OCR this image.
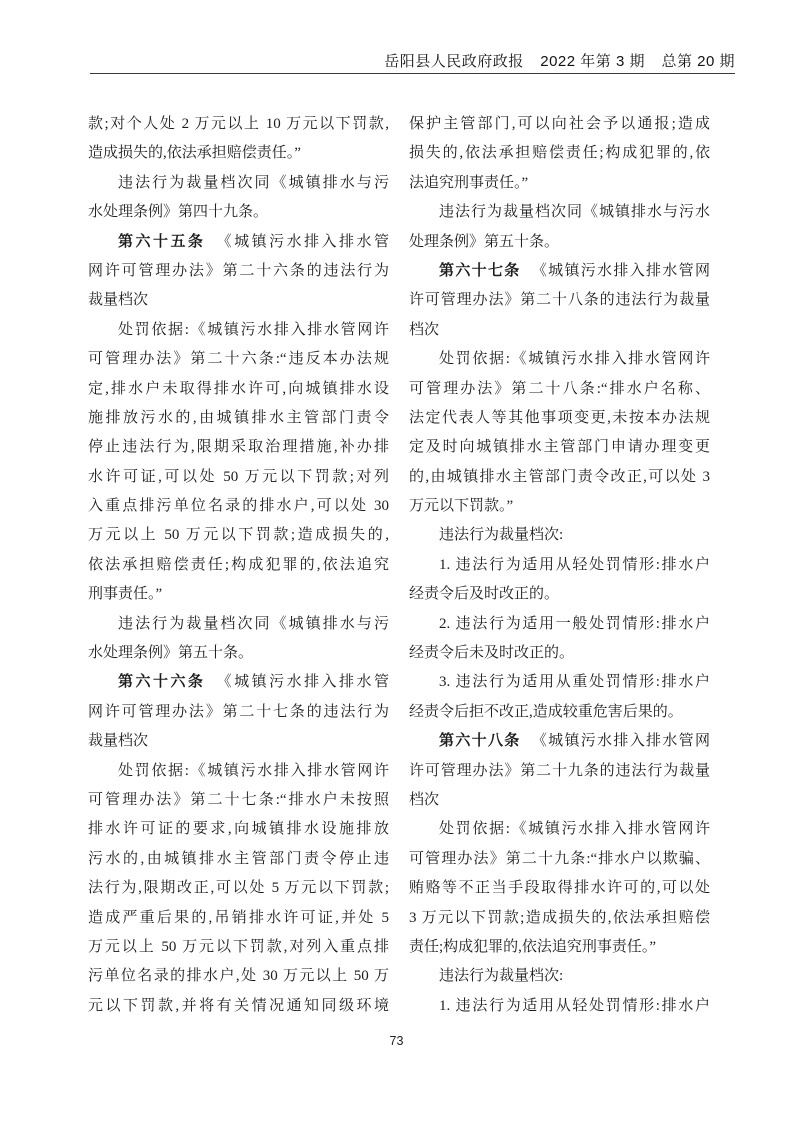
岳阳县人民政府政报 2022 年第 3 期 总第 20 期
款;对个人处 2 万元以上 10 万元以下罚款,
造成损失的,依法承担赔偿责任。”
违法行为裁量档次同《城镇排水与污
水处理条例》第四十九条。
第六十五条 《城镇污水排入排水管
网许可管理办法》第二十六条的违法行为
裁量档次
处罚依据:《城镇污水排入排水管网许
可管理办法》第二十六条:“违反本办法规
定,排水户未取得排水许可,向城镇排水设
施排放污水的,由城镇排水主管部门责令
停止违法行为,限期采取治理措施,补办排
水许可证,可以处 50 万元以下罚款;对列
入重点排污单位名录的排水户,可以处 30
万元以上 50 万元以下罚款;造成损失的,
依法承担赔偿责任;构成犯罪的,依法追究
刑事责任。”
违法行为裁量档次同《城镇排水与污
水处理条例》第五十条。
第六十六条 《城镇污水排入排水管
网许可管理办法》第二十七条的违法行为
裁量档次
处罚依据:《城镇污水排入排水管网许
可管理办法》第二十七条:“排水户未按照
排水许可证的要求,向城镇排水设施排放
污水的,由城镇排水主管部门责令停止违
法行为,限期改正,可以处 5 万元以下罚款;
造成严重后果的,吊销排水许可证,并处 5
万元以上 50 万元以下罚款,对列入重点排
污单位名录的排水户,处 30 万元以上 50 万
元以下罚款,并将有关情况通知同级环境
保护主管部门,可以向社会予以通报;造成
损失的,依法承担赔偿责任;构成犯罪的,依
法追究刑事责任。”
违法行为裁量档次同《城镇排水与污水
处理条例》第五十条。
第六十七条 《城镇污水排入排水管网
许可管理办法》第二十八条的违法行为裁量
档次
处罚依据:《城镇污水排入排水管网许
可管理办法》第二十八条:“排水户名称、
法定代表人等其他事项变更,未按本办法规
定及时向城镇排水主管部门申请办理变更
的,由城镇排水主管部门责令改正,可以处 3
万元以下罚款。”
违法行为裁量档次:
1. 违法行为适用从轻处罚情形:排水户
经责令后及时改正的。
2. 违法行为适用一般处罚情形:排水户
经责令后未及时改正的。
3. 违法行为适用从重处罚情形:排水户
经责令后拒不改正,造成较重危害后果的。
第六十八条 《城镇污水排入排水管网
许可管理办法》第二十九条的违法行为裁量
档次
处罚依据:《城镇污水排入排水管网许
可管理办法》第二十九条:“排水户以欺骗、
贿赂等不正当手段取得排水许可的,可以处
3 万元以下罚款;造成损失的,依法承担赔偿
责任;构成犯罪的,依法追究刑事责任。”
违法行为裁量档次:
1. 违法行为适用从轻处罚情形:排水户
73
